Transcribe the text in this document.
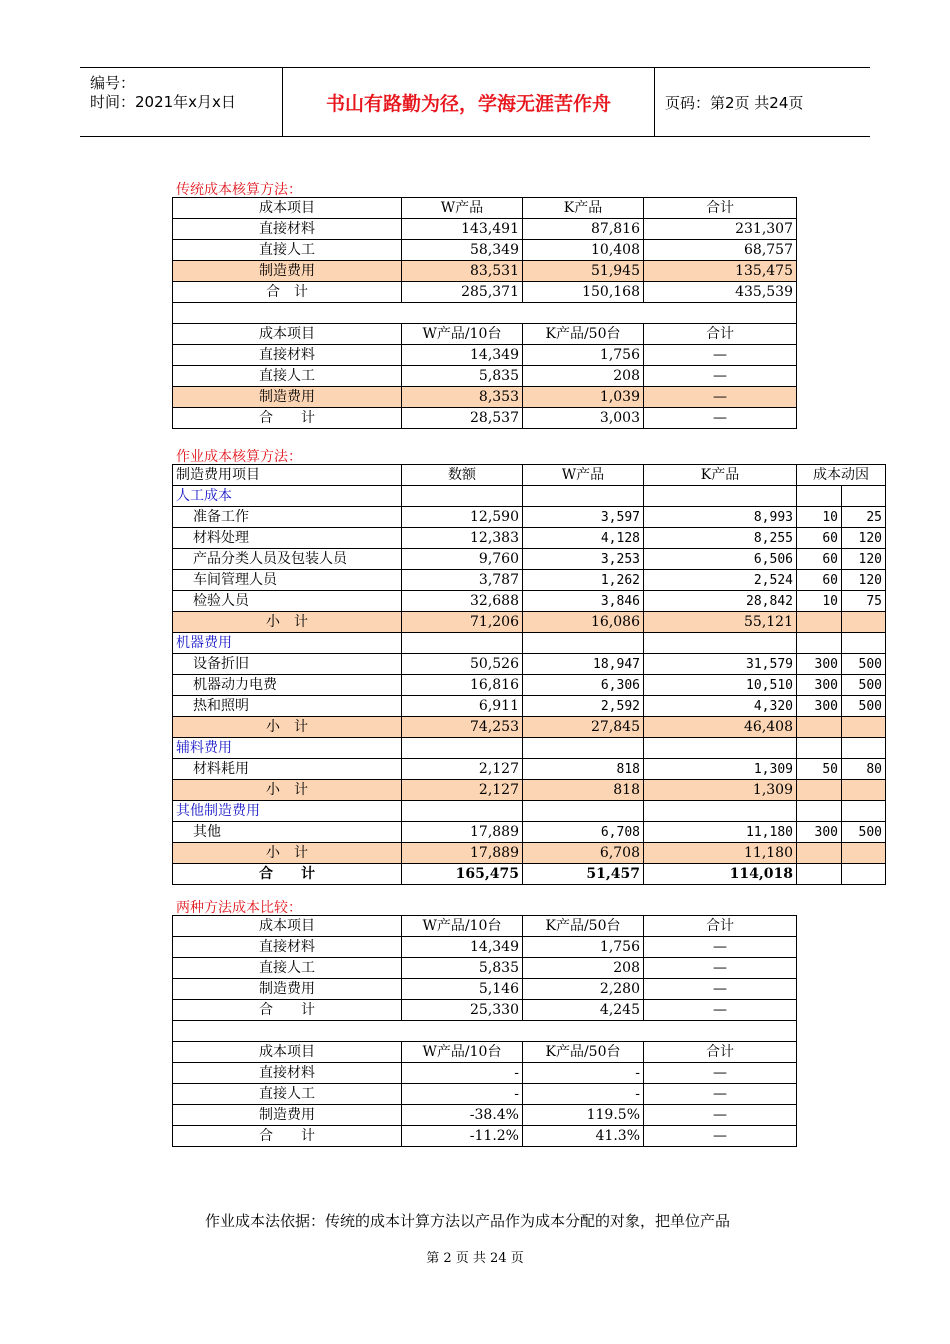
编号：
时间：2021年x月x日	书山有路勤为径，学海无涯苦作舟	页码：第2页 共24页
传统成本核算方法：
成本项目	W产品	K产品	合计
直接材料	143,491	87,816	231,307
直接人工	58,349	10,408	68,757
制造费用	83,531	51,945	135,475
合　计	285,371	150,168	435,539

成本项目	W产品/10台	K产品/50台	合计
直接材料	14,349	1,756	—
直接人工	5,835	208	—
制造费用	8,353	1,039	—
合　　计	28,537	3,003	—
作业成本核算方法：
制造费用项目	数额	W产品	K产品	成本动因	
人工成本					
准备工作	12,590	3,597	8,993	10	25
材料处理	12,383	4,128	8,255	60	120
产品分类人员及包装人员	9,760	3,253	6,506	60	120
车间管理人员	3,787	1,262	2,524	60	120
检验人员	32,688	3,846	28,842	10	75
小　计	71,206	16,086	55,121		
机器费用					
设备折旧	50,526	18,947	31,579	300	500
机器动力电费	16,816	6,306	10,510	300	500
热和照明	6,911	2,592	4,320	300	500
小　计	74,253	27,845	46,408		
辅料费用					
材料耗用	2,127	818	1,309	50	80
小　计	2,127	818	1,309		
其他制造费用					
其他	17,889	6,708	11,180	300	500
小　计	17,889	6,708	11,180		
合　　计	165,475	51,457	114,018		
两种方法成本比较：
成本项目	W产品/10台	K产品/50台	合计
直接材料	14,349	1,756	—
直接人工	5,835	208	—
制造费用	5,146	2,280	—
合　　计	25,330	4,245	—

成本项目	W产品/10台	K产品/50台	合计
直接材料	-	-	—
直接人工	-	-	—
制造费用	-38.4%	119.5%	—
合　　计	-11.2%	41.3%	—
作业成本法依据：传统的成本计算方法以产品作为成本分配的对象，把单位产品
第 2 页 共 24 页
